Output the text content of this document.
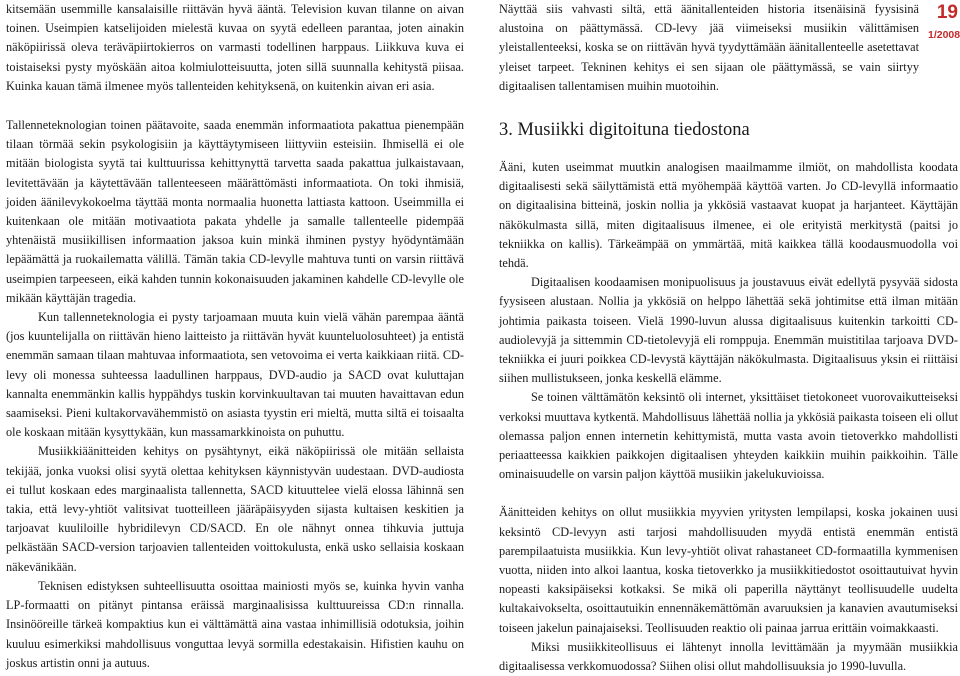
kitsemään usemmille kansalaisille riittävän hyvä ääntä. Television kuvan tilanne on aivan toinen. Useimpien katselijoiden mielestä kuvaa on syytä edelleen parantaa, joten ainakin näköpiirissä oleva teräväpiirtokierros on varmasti todellinen harppaus. Liikkuva kuva ei toistaiseksi pysty myöskään aitoa kolmiulotteisuutta, joten sillä suunnalla kehitystä piisaa. Kuinka kauan tämä ilmenee myös tallenteiden kehityksenä, on kuitenkin aivan eri asia.

Tallenneteknologian toinen päätavoite, saada enemmän informaatiota pakattua pienempään tilaan törmää sekin psykologisiin ja käyttäytymiseen liittyviin esteisiin. Ihmisellä ei ole mitään biologista syytä tai kulttuurissa kehittynyttä tarvetta saada pakattua julkaistavaan, levitettävään ja käytettävään tallenteeseen määrättömästi informaatiota. On toki ihmisiä, joiden äänilevykokoelma täyttää monta normaalia huonetta lattiasta kattoon. Useimmilla ei kuitenkaan ole mitään motivaatiota pakata yhdelle ja samalle tallenteelle pidempää yhtenäistä musiikillisen informaation jaksoa kuin minkä ihminen pystyy hyödyntämään lepäämättä ja ruokailematta välillä. Tämän takia CD-levylle mahtuva tunti on varsin riittävä useimpien tarpeeseen, eikä kahden tunnin kokonaisuuden jakaminen kahdelle CD-levylle ole mikään käyttäjän tragedia.

Kun tallenneteknologia ei pysty tarjoamaan muuta kuin vielä vähän parempaa ääntä (jos kuuntelijalla on riittävän hieno laitteisto ja riittävän hyvät kuunteluolosuhteet) ja entistä enemmän samaan tilaan mahtuvaa informaatiota, sen vetovoima ei verta kaikkiaan riitä. CD-levy oli monessa suhteessa laadullinen harppaus, DVD-audio ja SACD ovat kuluttajan kannalta enemmänkin kallis hyppähdys tuskin korvinkuultavan tai muuten havaittavan edun saamiseksi. Pieni kultakorvavähemmistö on asiasta tyystin eri mieltä, mutta siltä ei toisaalta ole koskaan mitään kysyttykään, kun massamarkkinoista on puhuttu.

Musiikkiäänitteiden kehitys on pysähtynyt, eikä näköpiirissä ole mitään sellaista tekijää, jonka vuoksi olisi syytä olettaa kehityksen käynnistyvän uudestaan. DVD-audiosta ei tullut koskaan edes marginaalista tallennetta, SACD kituuttelee vielä elossa lähinnä sen takia, että levy-yhtiöt valitsivat tuotteilleen jääräpäisyyden sijasta kultaisen keskitien ja tarjoavat kuuliloille hybridilevyn CD/SACD. En ole nähnyt onnea tihkuvia juttuja pelkästään SACD-version tarjoavien tallenteiden voittokulusta, enkä usko sellaisia koskaan näkevänikään.

Teknisen edistyksen suhteellisuutta osoittaa mainiosti myös se, kuinka hyvin vanha LP-formaatti on pitänyt pintansa eräissä marginaalisissa kulttuureissa CD:n rinnalla. Insinööreille tärkeä kompaktius kun ei välttämättä aina vastaa inhimillisiä odotuksia, joihin kuuluu esimerkiksi mahdollisuus vonguttaa levyä sormilla edestakaisin. Hifistien kauhu on joskus artistin onni ja autuus.

19
1/2008

Näyttää siis vahvasti siltä, että äänitallenteiden historia itsenäisinä fyysisinä alustoina on päättymässä. CD-levy jää viimeiseksi musiikin välittämisen yleistallenteeksi, koska se on riittävän hyvä tyydyttämään äänitallenteelle asetettavat yleiset tarpeet. Tekninen kehitys ei sen sijaan ole päättymässä, se vain siirtyy digitaalisen tallentamisen muihin muotoihin.

3. Musiikki digitoituna tiedostona

Ääni, kuten useimmat muutkin analogisen maailmamme ilmiöt, on mahdollista koodata digitaalisesti sekä säilyttämistä että myöhempää käyttöä varten. Jo CD-levyllä informaatio on digitaalisina bitteinä, joskin nollia ja ykkösiä vastaavat kuopat ja harjanteet. Käyttäjän näkökulmasta sillä, miten digitaalisuus ilmenee, ei ole erityistä merkitystä (paitsi jo tekniikka on kallis). Tärkeämpää on ymmärtää, mitä kaikkea tällä koodausmuodolla voi tehdä.

Digitaalisen koodaamisen monipuolisuus ja joustavuus eivät edellytä pysyvää sidosta fyysiseen alustaan. Nollia ja ykkösiä on helppo lähettää sekä johtimitse että ilman mitään johtimia paikasta toiseen. Vielä 1990-luvun alussa digitaalisuus kuitenkin tarkoitti CD-audiolevyjä ja sittemmin CD-tietolevyjä eli romppuja. Enemmän muistitilaa tarjoava DVD-tekniikka ei juuri poikkea CD-levystä käyttäjän näkökulmasta. Digitaalisuus yksin ei riittäisi siihen mullistukseen, jonka keskellä elämme.

Se toinen välttämätön keksintö oli internet, yksittäiset tietokoneet vuorovaikutteiseksi verkoksi muuttava kytkentä. Mahdollisuus lähettää nollia ja ykkösiä paikasta toiseen eli ollut olemassa paljon ennen internetin kehittymistä, mutta vasta avoin tietoverkko mahdollisti periaatteessa kaikkien paikkojen digitaalisen yhteyden kaikkiin muihin paikkoihin. Tälle ominaisuudelle on varsin paljon käyttöä musiikin jakelukuvioissa.

Äänitteiden kehitys on ollut musiikkia myyvien yritysten lempilapsi, koska jokainen uusi keksintö CD-levyyn asti tarjosi mahdollisuuden myydä entistä enemmän entistä parempilaatuista musiikkia. Kun levy-yhtiöt olivat rahastaneet CD-formaatilla kymmenisen vuotta, niiden into alkoi laantua, koska tietoverkko ja musiikkitiedostot osoittautuivat hyvin nopeasti kaksipäiseksi kotkaksi. Se mikä oli paperilla näyttänyt teollisuudelle uudelta kultakaivokselta, osoittautuikin ennennäkemättömän avaruuksien ja kanavien avautumiseksi toiseen jakelun painajaiseksi. Teollisuuden reaktio oli painaa jarrua erittäin voimakkaasti.

Miksi musiikkiteollisuus ei lähtenyt innolla levittämään ja myymään musiikkia digitaalisessa verkkomuodossa? Siihen olisi ollut mahdollisuuksia jo 1990-luvulla.
